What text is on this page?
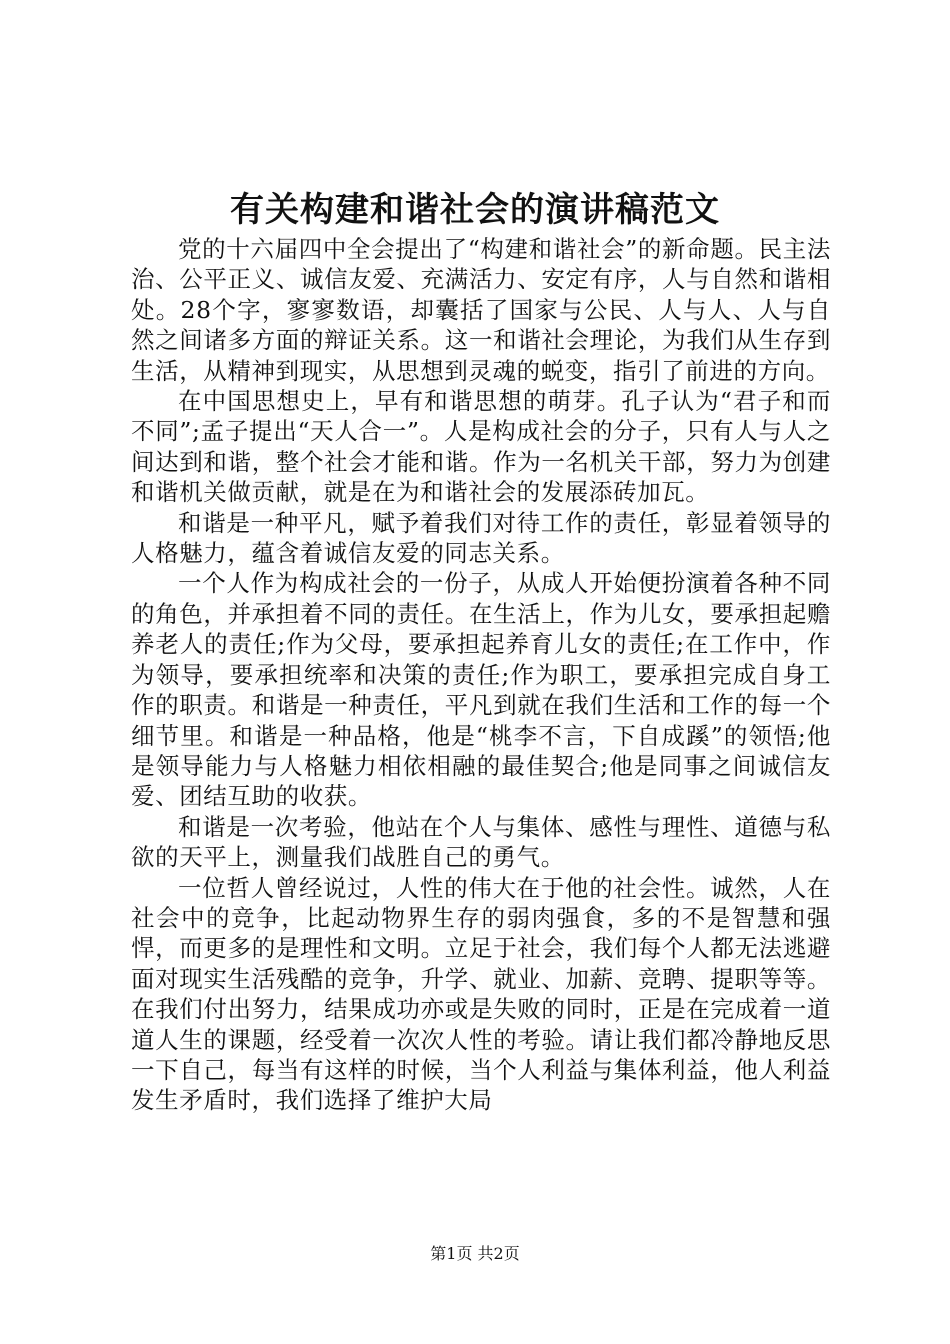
有关构建和谐社会的演讲稿范文

党的十六届四中全会提出了“构建和谐社会”的新命题。民主法治、公平正义、诚信友爱、充满活力、安定有序，人与自然和谐相处。28个字，寥寥数语，却囊括了国家与公民、人与人、人与自然之间诸多方面的辩证关系。这一和谐社会理论，为我们从生存到生活，从精神到现实，从思想到灵魂的蜕变，指引了前进的方向。

在中国思想史上，早有和谐思想的萌芽。孔子认为“君子和而不同”;孟子提出“天人合一”。人是构成社会的分子，只有人与人之间达到和谐，整个社会才能和谐。作为一名机关干部，努力为创建和谐机关做贡献，就是在为和谐社会的发展添砖加瓦。

和谐是一种平凡，赋予着我们对待工作的责任，彰显着领导的人格魅力，蕴含着诚信友爱的同志关系。

一个人作为构成社会的一份子，从成人开始便扮演着各种不同的角色，并承担着不同的责任。在生活上，作为儿女，要承担起赡养老人的责任;作为父母，要承担起养育儿女的责任;在工作中，作为领导，要承担统率和决策的责任;作为职工，要承担完成自身工作的职责。和谐是一种责任，平凡到就在我们生活和工作的每一个细节里。和谐是一种品格，他是“桃李不言，下自成蹊”的领悟;他是领导能力与人格魅力相依相融的最佳契合;他是同事之间诚信友爱、团结互助的收获。

和谐是一次考验，他站在个人与集体、感性与理性、道德与私欲的天平上，测量我们战胜自己的勇气。

一位哲人曾经说过，人性的伟大在于他的社会性。诚然，人在社会中的竞争，比起动物界生存的弱肉强食，多的不是智慧和强悍，而更多的是理性和文明。立足于社会，我们每个人都无法逃避面对现实生活残酷的竞争，升学、就业、加薪、竞聘、提职等等。在我们付出努力，结果成功亦或是失败的同时，正是在完成着一道道人生的课题，经受着一次次人性的考验。请让我们都冷静地反思一下自己，每当有这样的时候，当个人利益与集体利益，他人利益发生矛盾时，我们选择了维护大局

第1页 共2页
